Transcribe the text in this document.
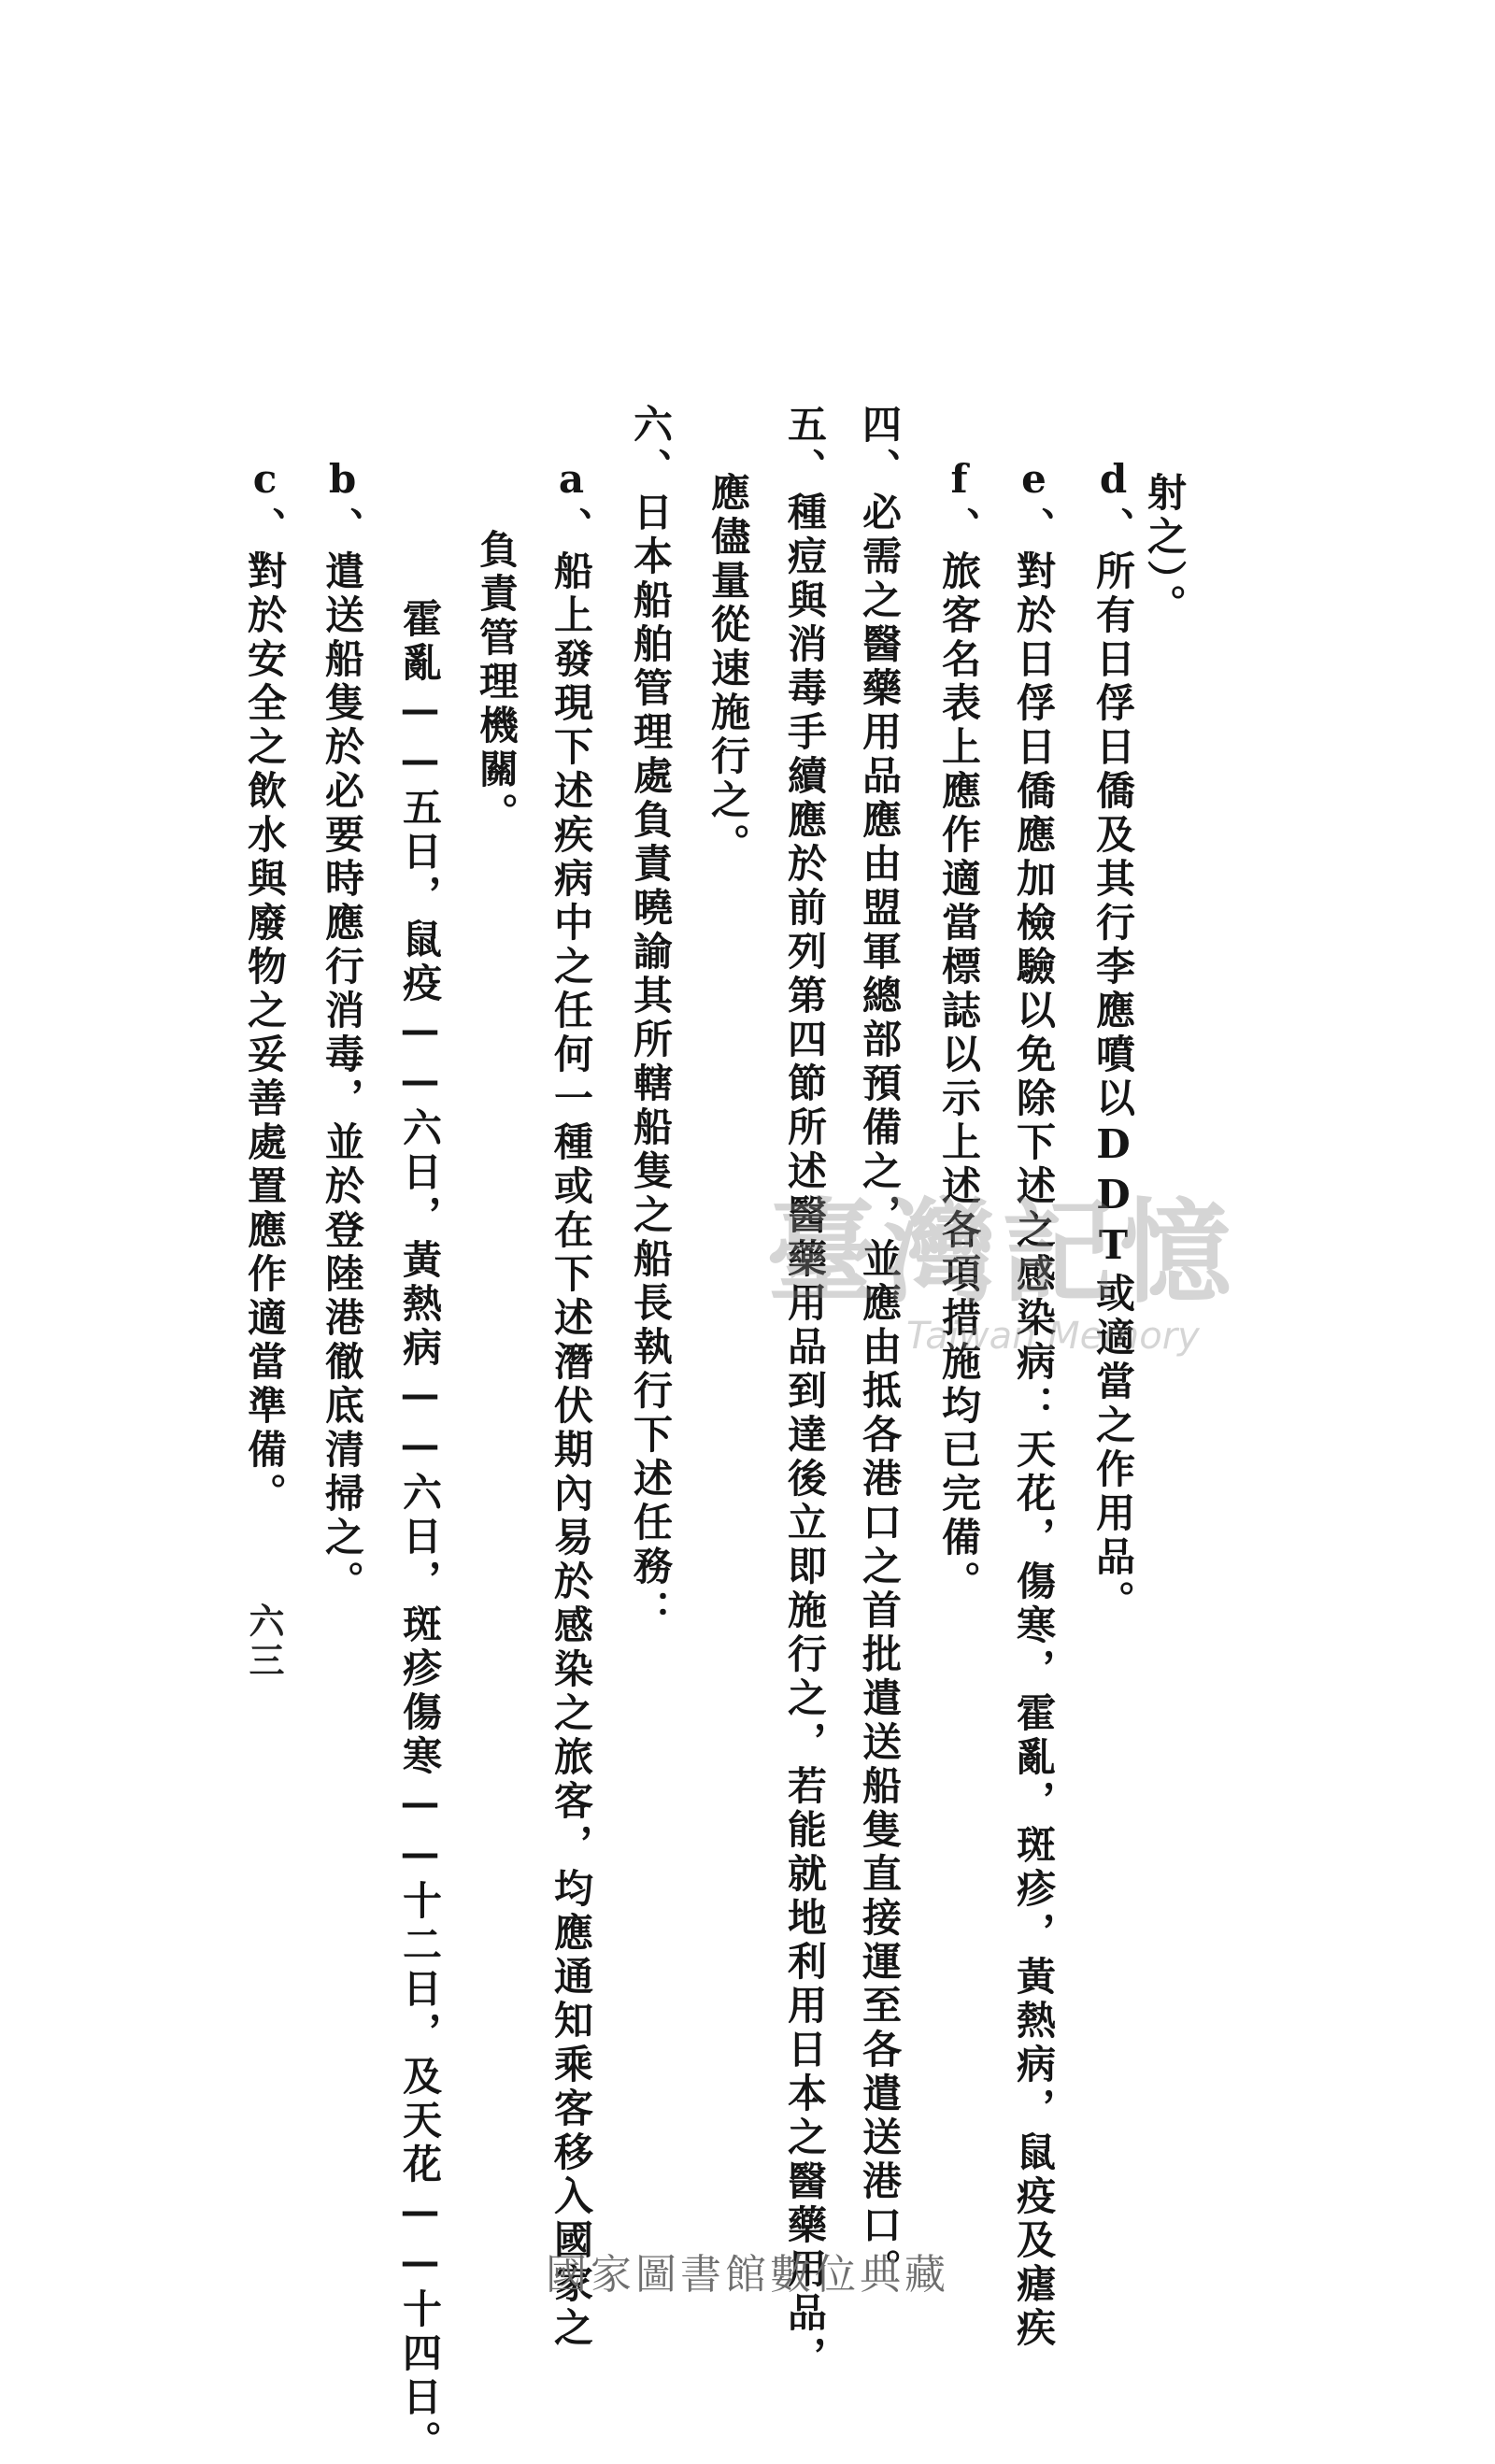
射之）。
d、所有日俘日僑及其行李應噴以DDT或適當之作用品。
e、對於日俘日僑應加檢驗以免除下述之感染病：天花，傷寒，霍亂，斑疹，黃熱病，鼠疫及瘧疾
f、旅客名表上應作適當標誌以示上述各項措施均已完備。
四、必需之醫藥用品應由盟軍總部預備之，並應由抵各港口之首批遣送船隻直接運至各遣送港口。
五、種痘與消毒手續應於前列第四節所述醫藥用品到達後立即施行之，若能就地利用日本之醫藥用品，
應儘量從速施行之。
六、日本船舶管理處負責曉諭其所轄船隻之船長執行下述任務：
a、船上發現下述疾病中之任何一種或在下述潛伏期內易於感染之旅客，均應通知乘客移入國家之
負責管理機關。
霍亂——五日，鼠疫——六日，黃熱病——六日，斑疹傷寒——十二日，及天花——十四日。
b、遣送船隻於必要時應行消毒，並於登陸港徹底清掃之。
c、對於安全之飲水與廢物之妥善處置應作適當準備。
六三
臺灣記憶
Taiwan Memory
國家圖書館數位典藏
